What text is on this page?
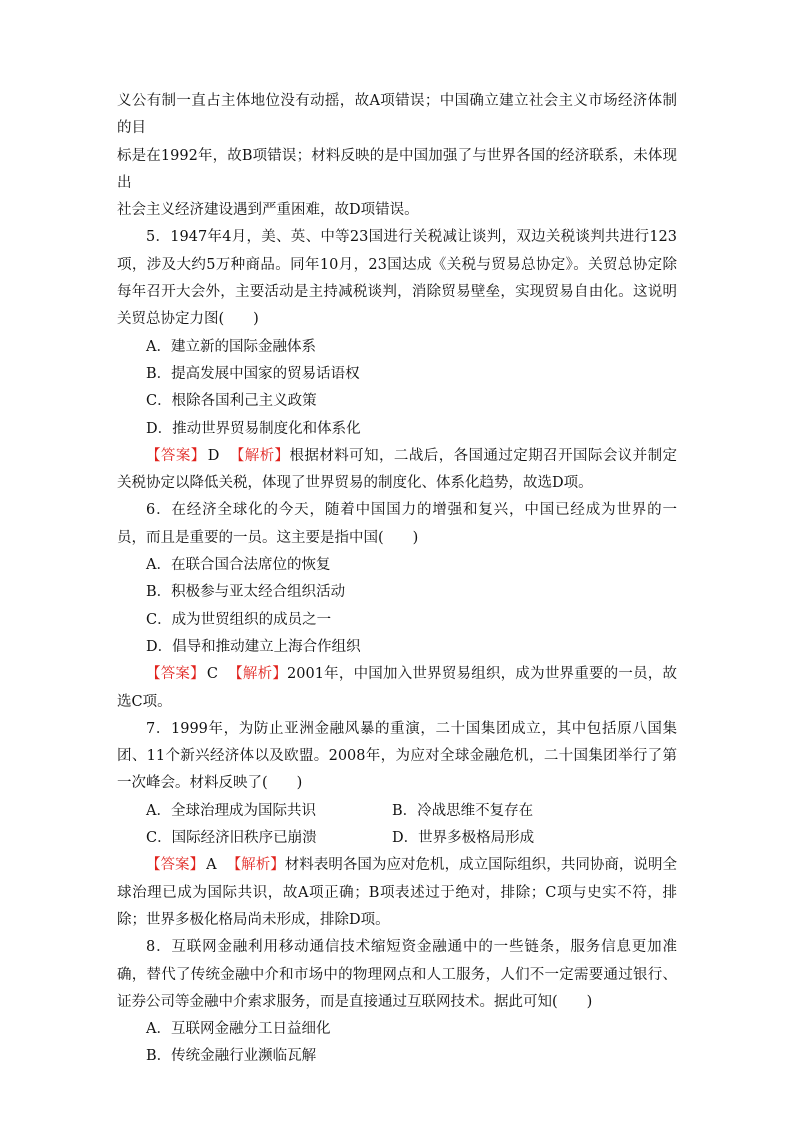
义公有制一直占主体地位没有动摇，故A项错误；中国确立建立社会主义市场经济体制的目

标是在1992年，故B项错误；材料反映的是中国加强了与世界各国的经济联系，未体现出

社会主义经济建设遇到严重困难，故D项错误。

5．1947年4月，美、英、中等23国进行关税减让谈判，双边关税谈判共进行123项，涉及大约5万种商品。同年10月，23国达成《关税与贸易总协定》。关贸总协定除每年召开大会外，主要活动是主持减税谈判，消除贸易壁垒，实现贸易自由化。这说明关贸总协定力图(　　)

A．建立新的国际金融体系

B．提高发展中国家的贸易话语权

C．根除各国利己主义政策

D．推动世界贸易制度化和体系化

【答案】 D 【解析】根据材料可知，二战后，各国通过定期召开国际会议并制定关税协定以降低关税，体现了世界贸易的制度化、体系化趋势，故选D项。

6．在经济全球化的今天，随着中国国力的增强和复兴，中国已经成为世界的一员，而且是重要的一员。这主要是指中国(　　)

A．在联合国合法席位的恢复

B．积极参与亚太经合组织活动

C．成为世贸组织的成员之一

D．倡导和推动建立上海合作组织

【答案】 C 【解析】2001年，中国加入世界贸易组织，成为世界重要的一员，故选C项。

7．1999年，为防止亚洲金融风暴的重演，二十国集团成立，其中包括原八国集团、11个新兴经济体以及欧盟。2008年，为应对全球金融危机，二十国集团举行了第一次峰会。材料反映了(　　)

A．全球治理成为国际共识	B．冷战思维不复存在
C．国际经济旧秩序已崩溃	D．世界多极格局形成

【答案】 A 【解析】材料表明各国为应对危机，成立国际组织，共同协商，说明全球治理已成为国际共识，故A项正确；B项表述过于绝对，排除；C项与史实不符，排除；世界多极化格局尚未形成，排除D项。

8．互联网金融利用移动通信技术缩短资金融通中的一些链条，服务信息更加准确，替代了传统金融中介和市场中的物理网点和人工服务，人们不一定需要通过银行、证券公司等金融中介索求服务，而是直接通过互联网技术。据此可知(　　)

A．互联网金融分工日益细化

B．传统金融行业濒临瓦解
